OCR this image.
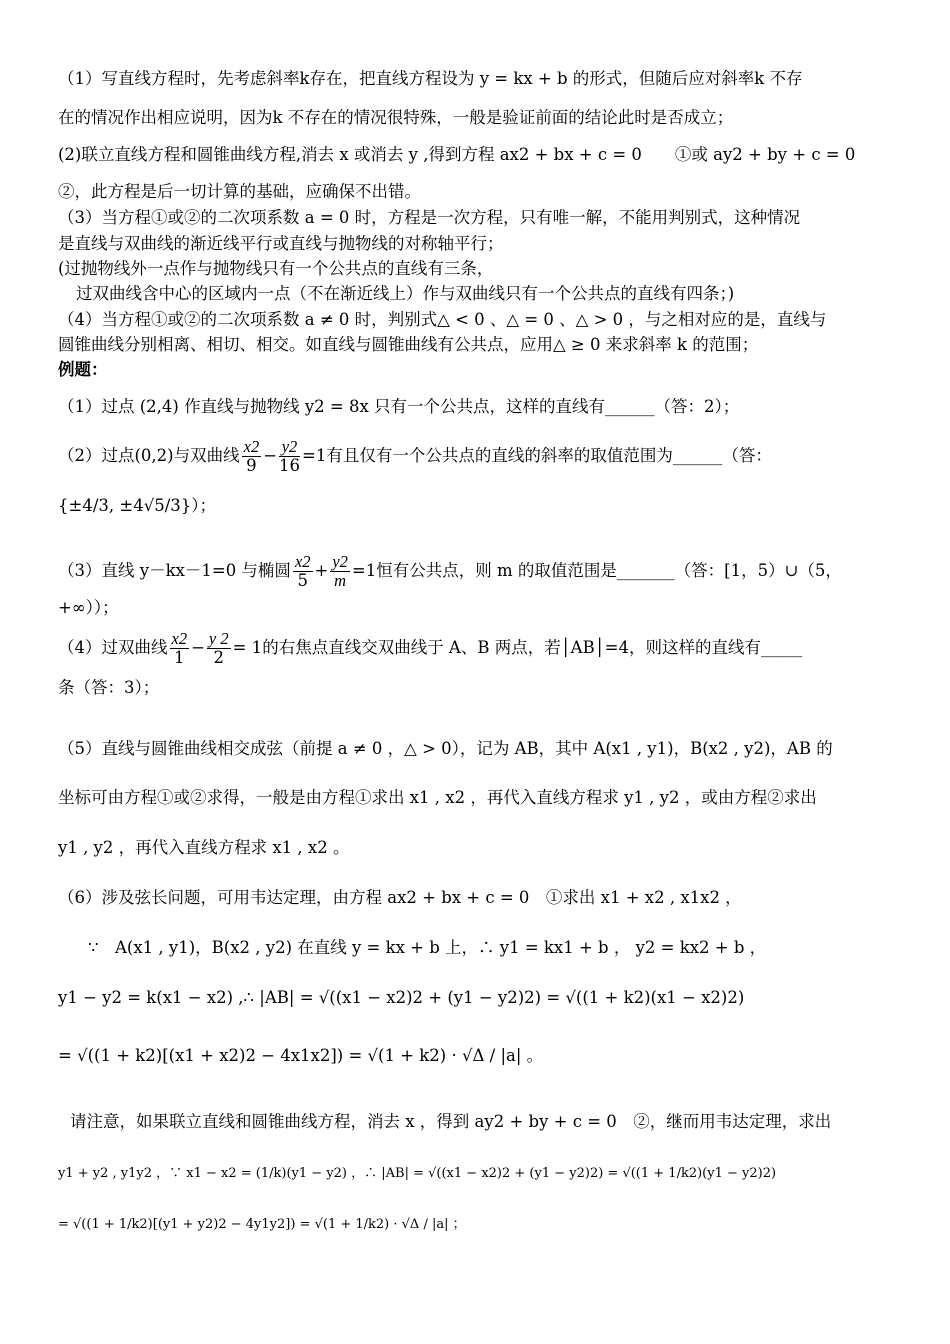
（1）写直线方程时，先考虑斜率k存在，把直线方程设为 y = kx + b 的形式，但随后应对斜率k 不存
在的情况作出相应说明，因为k 不存在的情况很特殊，一般是验证前面的结论此时是否成立；
(2)联立直线方程和圆锥曲线方程,消去 x 或消去 y ,得到方程 ax2 + bx + c = 0　　①或 ay2 + by + c = 0
②，此方程是后一切计算的基础，应确保不出错。
（3）当方程①或②的二次项系数 a = 0 时，方程是一次方程，只有唯一解，不能用判别式，这种情况
是直线与双曲线的渐近线平行或直线与抛物线的对称轴平行；
(过抛物线外一点作与抛物线只有一个公共点的直线有三条，
过双曲线含中心的区域内一点（不在渐近线上）作与双曲线只有一个公共点的直线有四条；)
（4）当方程①或②的二次项系数 a ≠ 0 时，判别式△ < 0 、△ = 0 、△ > 0 ，与之相对应的是，直线与
圆锥曲线分别相离、相切、相交。如直线与圆锥曲线有公共点，应用△ ≥ 0 来求斜率 k 的范围；
例题：
（1）过点 (2,4) 作直线与抛物线 y2 = 8x 只有一个公共点，这样的直线有______（答：2）；
（2）过点(0,2)与双曲线 $\frac{x2}{9} - \frac{y2}{16} =1$有且仅有一个公共点的直线的斜率的取值范围为______（答：
{±4/3, ±4√5/3}）；
（3）直线 y－kx－1=0 与椭圆 $\frac{x2}{5} + \frac{y2}{m} =1$恒有公共点，则 m 的取值范围是_______（答：[1，5）∪（5，
+∞））；
（4）过双曲线 $\frac{x2}{1} - \frac{y 2}{2} = 1$的右焦点直线交双曲线于 A、B 两点，若│AB│=4，则这样的直线有_____
条（答：3）；
（5）直线与圆锥曲线相交成弦（前提 a ≠ 0 ，△ > 0），记为 AB，其中 A(x1 , y1)，B(x2 , y2)，AB 的
坐标可由方程①或②求得，一般是由方程①求出 x1 , x2 ，再代入直线方程求 y1 , y2 ，或由方程②求出
y1 , y2 ，再代入直线方程求 x1 , x2 。
（6）涉及弦长问题，可用韦达定理，由方程 ax2 + bx + c = 0　①求出 x1 + x2 , x1x2 ，
∵　A(x1 , y1)，B(x2 , y2) 在直线 y = kx + b 上，∴ y1 = kx1 + b ， y2 = kx2 + b ，
y1 − y2 = k(x1 − x2) ,∴ |AB| = √((x1 − x2)2 + (y1 − y2)2) = √((1 + k2)(x1 − x2)2)
= √((1 + k2)[(x1 + x2)2 − 4x1x2]) = √(1 + k2) · √Δ / |a| 。
请注意，如果联立直线和圆锥曲线方程，消去 x ，得到 ay2 + by + c = 0　②，继而用韦达定理，求出
y1 + y2 , y1y2 ，∵ x1 − x2 = (1/k)(y1 − y2) ，∴ |AB| = √((x1 − x2)2 + (y1 − y2)2) = √((1 + 1/k2)(y1 − y2)2)
= √((1 + 1/k2)[(y1 + y2)2 − 4y1y2]) = √(1 + 1/k2) · √Δ / |a| ；
